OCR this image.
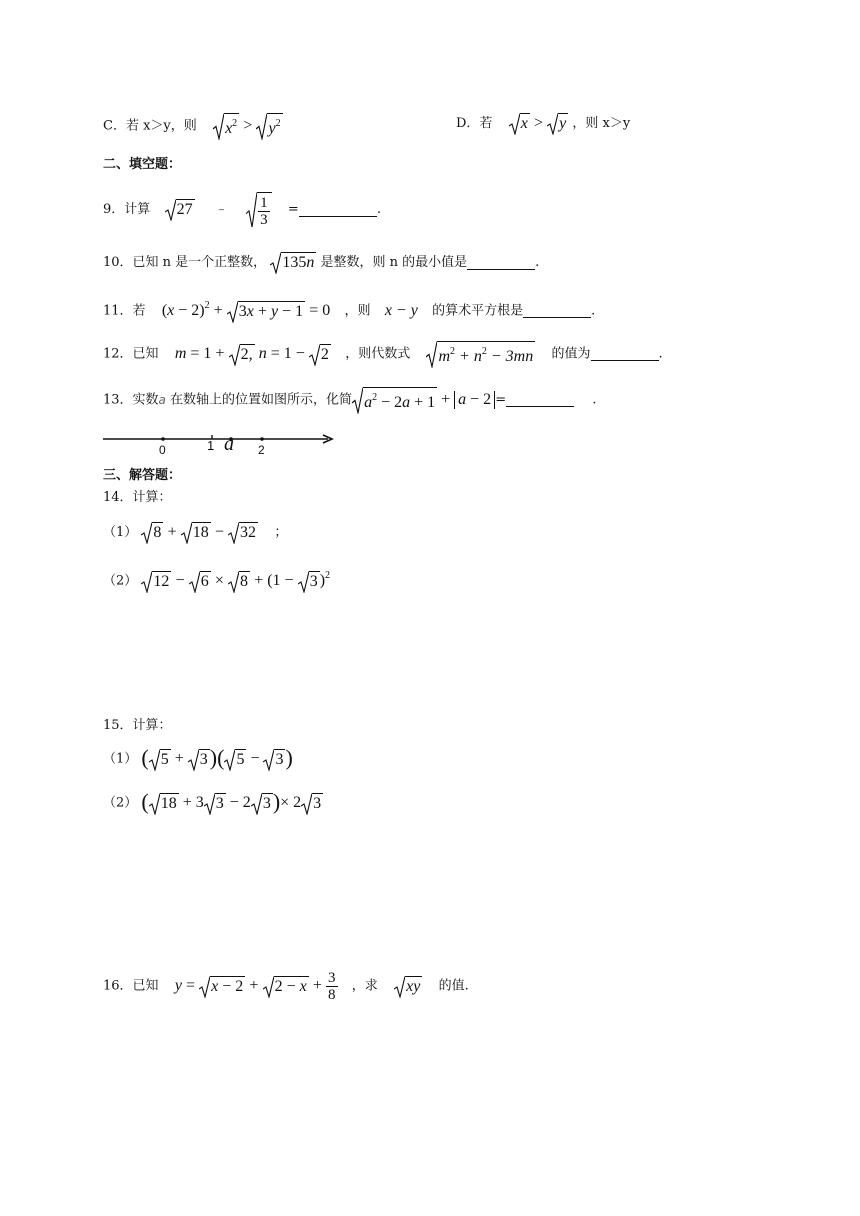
C．若 x＞y，则 $x^2 > y^2$	D．若 x > y ，则 x＞y
二、填空题：
9．计算 27 ﹣ $\frac{1}{3}$ =	.
10．已知 n 是一个正整数， 135n 是整数，则 n 的最小值是	.
11．若 $(x - 2)^2 + 3x + y - 1 = 0$ ，则 x − y 的算术平方根是	.
12．已知 m = 1 + 2, n = 1 − 2 ，则代数式 $m^2 + n^2 - 3mn$ 的值为	.
13．实数a 在数轴上的位置如图所示，化简 $a^2 - 2a + 1 + a - 2$ =	.
0	1 a 2
三、解答题：
14．计算：
（1） 8 + 18 − 32 ；
（2） 12 − 6 × 8 + (1 − 3 )$^2$
15．计算：
（1） ( 5 +
3)( 5 −
3)
（2） ( 18 + 3 3 − 2 3)× 2 3
16．已知 $y = x - 2 + 2 - x + \frac{3}{8}$ ，求 xy 的值.
